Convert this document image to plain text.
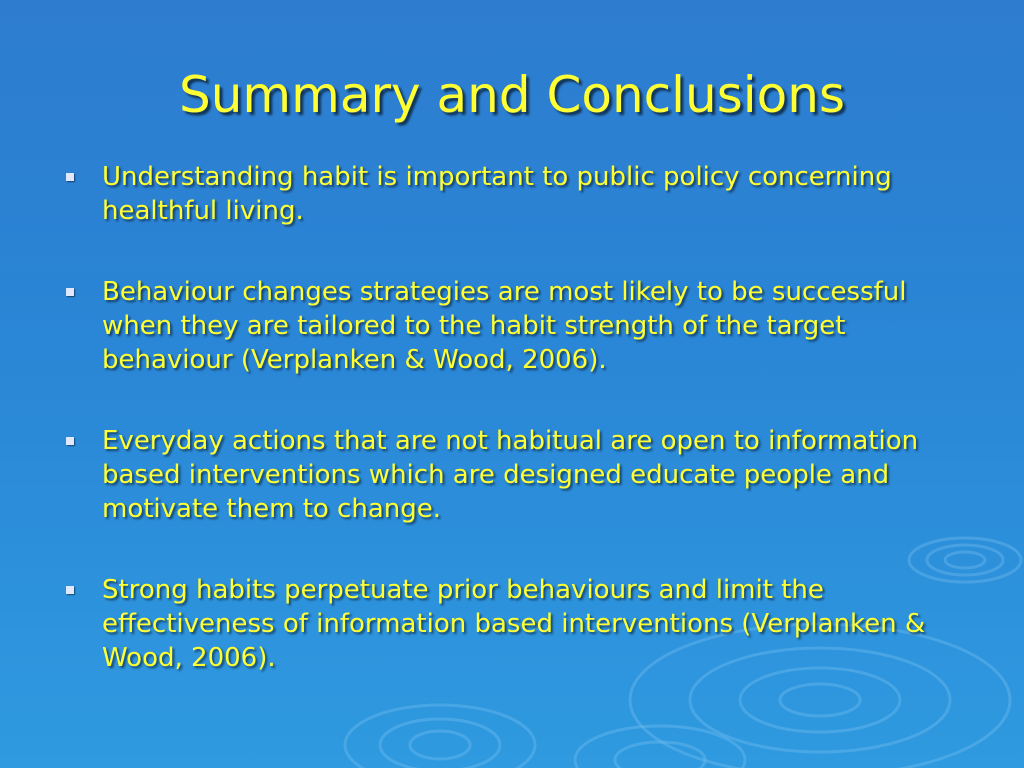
Summary and Conclusions
Understanding habit is important to public policy concerning healthful living.
Behaviour changes strategies are most likely to be successful when they are tailored to the habit strength of the target behaviour (Verplanken & Wood, 2006).
Everyday actions that are not habitual are open to information based interventions which are designed educate people and motivate them to change.
Strong habits perpetuate prior behaviours and limit the effectiveness of information based interventions (Verplanken & Wood, 2006).
